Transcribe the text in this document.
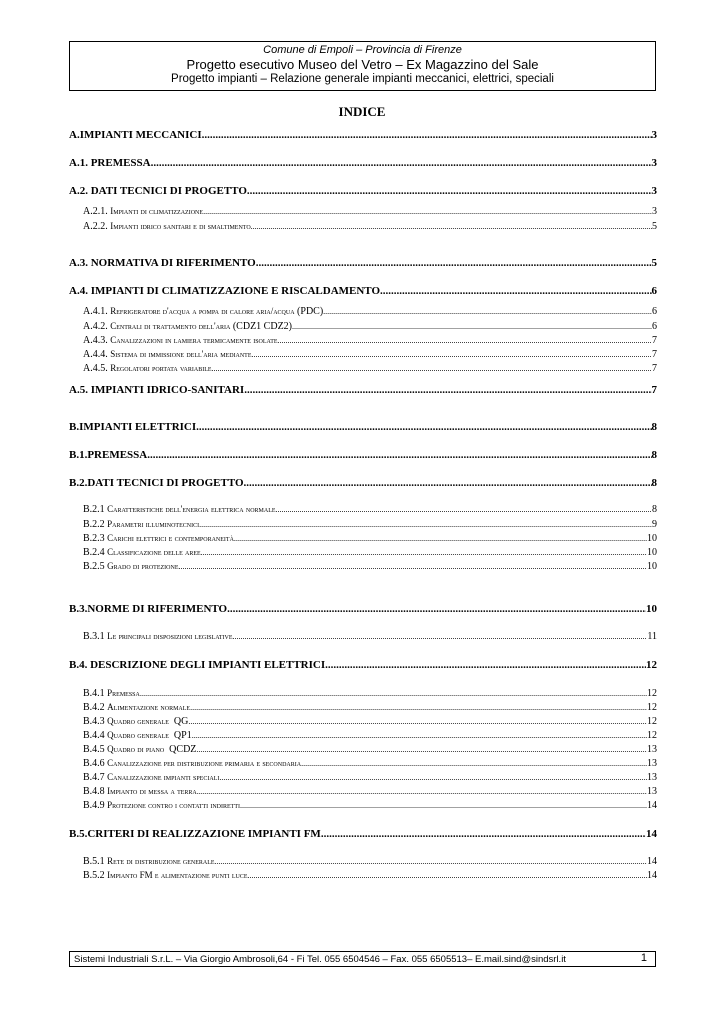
Comune di Empoli – Provincia di Firenze
Progetto esecutivo Museo del Vetro – Ex Magazzino del Sale
Progetto impianti – Relazione generale impianti meccanici, elettrici, speciali
INDICE
A.IMPIANTI MECCANICI .....	3
A.1. PREMESSA .....	3
A.2. DATI TECNICI DI PROGETTO .....	3
A.2.1. Impianti di climatizzazione .....	3
A.2.2. Impianti idrico sanitari e di smaltimento .....	5
A.3. NORMATIVA DI RIFERIMENTO .....	5
A.4. IMPIANTI DI CLIMATIZZAZIONE E RISCALDAMENTO .....	6
A.4.1. Refrigeratore d'acqua a pompa di calore aria/acqua (PDC) .....	6
A.4.2. Centrali di trattamento dell'aria (CDZ1 CDZ2) .....	6
A.4.3. Canalizzazioni in lamiera termicamente isolate .....	7
A.4.4. Sistema di immissione dell'aria mediante .....	7
A.4.5. Regolatori portata variabile .....	7
A.5. IMPIANTI IDRICO-SANITARI .....	7
B.IMPIANTI ELETTRICI .....	8
B.1.PREMESSA .....	8
B.2.DATI TECNICI DI PROGETTO .....	8
B.2.1 Caratteristiche dell'energia elettrica normale .....	8
B.2.2 Parametri illuminotecnici .....	9
B.2.3 Carichi elettrici e contemporaneità .....	10
B.2.4 Classificazione delle aree .....	10
B.2.5 Grado di protezione .....	10
B.3.NORME DI RIFERIMENTO .....	10
B.3.1 Le principali disposizioni legislative .....	11
B.4. DESCRIZIONE DEGLI IMPIANTI ELETTRICI .....	12
B.4.1 Premessa .....	12
B.4.2 Alimentazione normale .....	12
B.4.3 Quadro generale  QG .....	12
B.4.4 Quadro generale  QP1 .....	12
B.4.5 Quadro di piano  QCDZ .....	13
B.4.6 Canalizzazione per distribuzione primaria e secondaria .....	13
B.4.7 Canalizzazione impianti speciali .....	13
B.4.8 Impianto di messa a terra .....	13
B.4.9 Protezione contro i contatti indiretti .....	14
B.5.CRITERI DI REALIZZAZIONE IMPIANTI FM .....	14
B.5.1 Rete di distribuzione generale .....	14
B.5.2 Impianto FM e alimentazione punti luce .....	14
Sistemi Industriali S.r.L. – Via Giorgio Ambrosoli,64 - Fi Tel. 055 6504546 – Fax. 055 6505513– E.mail.sind@sindsrl.it	1
